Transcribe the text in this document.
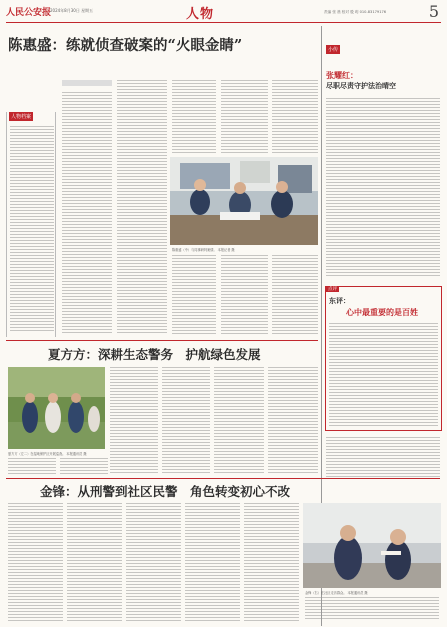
人民公安报
2024年8月30日 星期五	人物	责编 张 晨 校对 殷 玥 010-83179176	5
陈惠盛：练就侦查破案的“火眼金睛”
人物档案
陈惠盛（中）与同事研判案情。 本报记者 摄
小传
张耀红：
尽职尽责守护法治晴空
点评
东评：
心中最重要的是百姓
夏方方：深耕生态警务　护航绿色发展
夏方方（左二）在湿地保护区开展巡查。 本报通讯员 摄
金锋：从刑警到社区民警　角色转变初心不改
金锋（右）在社区走访群众。 本报通讯员 摄
